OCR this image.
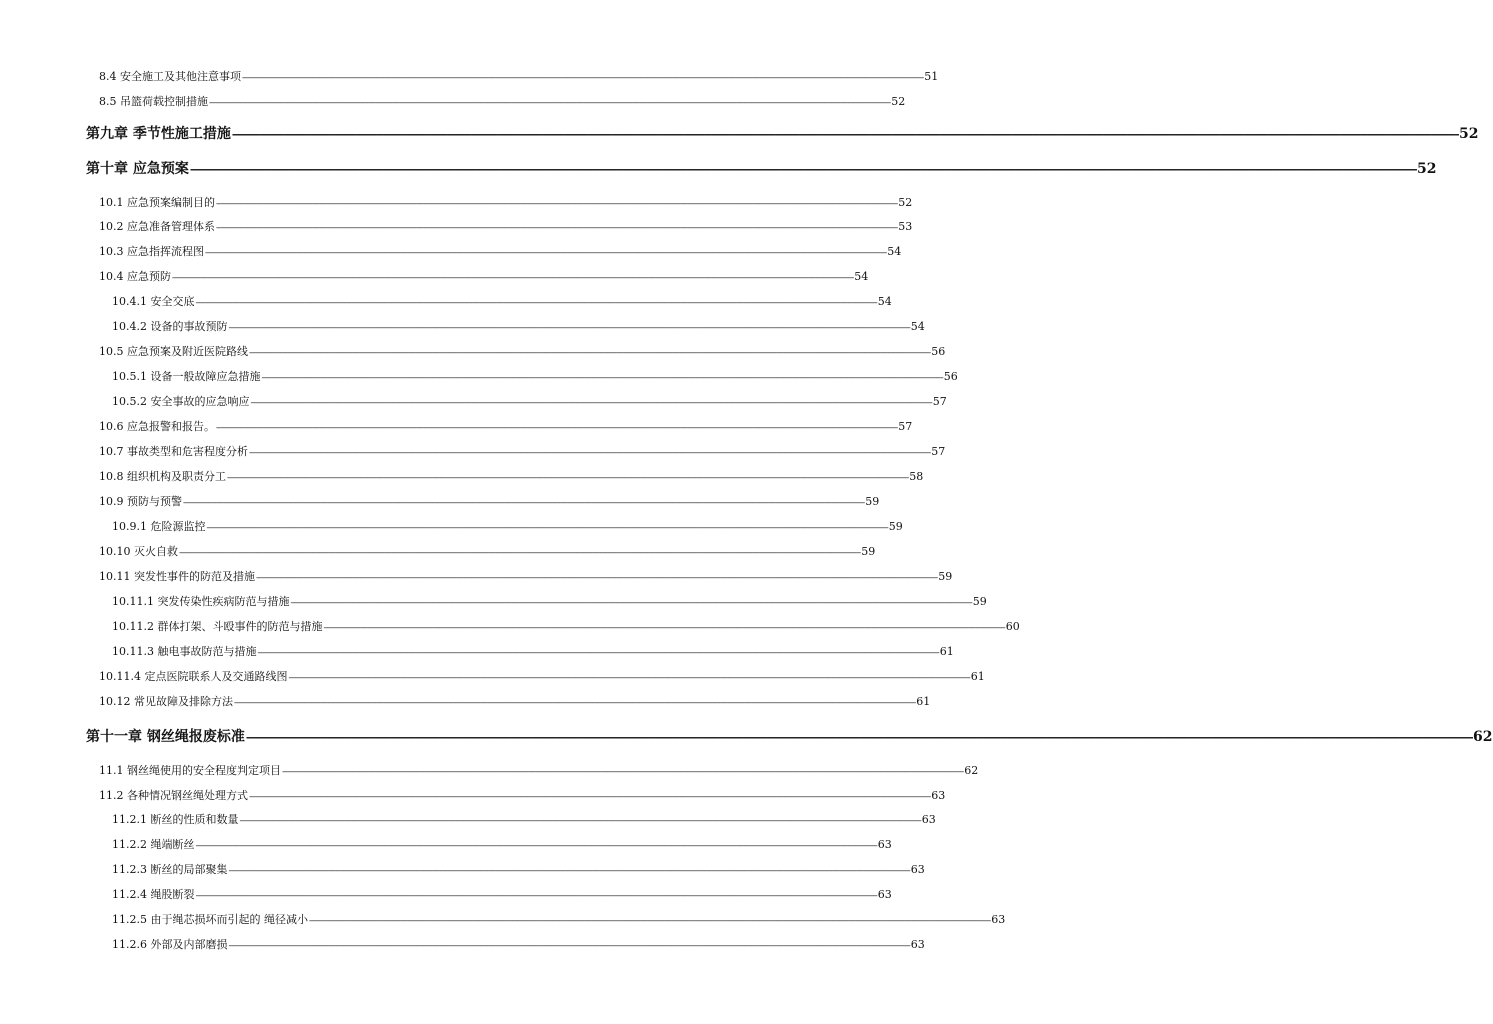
8.4 安全施工及其他注意事项 ---------------------------------------------------------------------------------------------------------------------------------------------------------------------------------------------------------------------------------------------------------------------------------------------------------------------------------------------------------------------------------------------------------------- 51
8.5 吊篮荷载控制措施 ---------------------------------------------------------------------------------------------------------------------------------------------------------------------------------------------------------------------------------------------------------------------------------------------------------------------------------------------------------------------------------------------------------------- 52
第九章 季节性施工措施 ---------------------------------------------------------------------------------------------------------------------------------------------------------------------------------------------------------------------------------------------------------------------------------------------------------------------------------------------------------------------------------------------------------------- 52
第十章 应急预案 ---------------------------------------------------------------------------------------------------------------------------------------------------------------------------------------------------------------------------------------------------------------------------------------------------------------------------------------------------------------------------------------------------------------- 52
10.1 应急预案编制目的 ---------------------------------------------------------------------------------------------------------------------------------------------------------------------------------------------------------------------------------------------------------------------------------------------------------------------------------------------------------------------------------------------------------------- 52
10.2 应急准备管理体系 ---------------------------------------------------------------------------------------------------------------------------------------------------------------------------------------------------------------------------------------------------------------------------------------------------------------------------------------------------------------------------------------------------------------- 53
10.3 应急指挥流程图 ---------------------------------------------------------------------------------------------------------------------------------------------------------------------------------------------------------------------------------------------------------------------------------------------------------------------------------------------------------------------------------------------------------------- 54
10.4 应急预防 ---------------------------------------------------------------------------------------------------------------------------------------------------------------------------------------------------------------------------------------------------------------------------------------------------------------------------------------------------------------------------------------------------------------- 54
10.4.1 安全交底 ---------------------------------------------------------------------------------------------------------------------------------------------------------------------------------------------------------------------------------------------------------------------------------------------------------------------------------------------------------------------------------------------------------------- 54
10.4.2 设备的事故预防 ---------------------------------------------------------------------------------------------------------------------------------------------------------------------------------------------------------------------------------------------------------------------------------------------------------------------------------------------------------------------------------------------------------------- 54
10.5 应急预案及附近医院路线 ---------------------------------------------------------------------------------------------------------------------------------------------------------------------------------------------------------------------------------------------------------------------------------------------------------------------------------------------------------------------------------------------------------------- 56
10.5.1 设备一般故障应急措施 ---------------------------------------------------------------------------------------------------------------------------------------------------------------------------------------------------------------------------------------------------------------------------------------------------------------------------------------------------------------------------------------------------------------- 56
10.5.2 安全事故的应急响应 ---------------------------------------------------------------------------------------------------------------------------------------------------------------------------------------------------------------------------------------------------------------------------------------------------------------------------------------------------------------------------------------------------------------- 57
10.6 应急报警和报告。 ---------------------------------------------------------------------------------------------------------------------------------------------------------------------------------------------------------------------------------------------------------------------------------------------------------------------------------------------------------------------------------------------------------------- 57
10.7 事故类型和危害程度分析 ---------------------------------------------------------------------------------------------------------------------------------------------------------------------------------------------------------------------------------------------------------------------------------------------------------------------------------------------------------------------------------------------------------------- 57
10.8 组织机构及职责分工 ---------------------------------------------------------------------------------------------------------------------------------------------------------------------------------------------------------------------------------------------------------------------------------------------------------------------------------------------------------------------------------------------------------------- 58
10.9 预防与预警 ---------------------------------------------------------------------------------------------------------------------------------------------------------------------------------------------------------------------------------------------------------------------------------------------------------------------------------------------------------------------------------------------------------------- 59
10.9.1 危险源监控 ---------------------------------------------------------------------------------------------------------------------------------------------------------------------------------------------------------------------------------------------------------------------------------------------------------------------------------------------------------------------------------------------------------------- 59
10.10 灭火自救 ---------------------------------------------------------------------------------------------------------------------------------------------------------------------------------------------------------------------------------------------------------------------------------------------------------------------------------------------------------------------------------------------------------------- 59
10.11 突发性事件的防范及措施 ---------------------------------------------------------------------------------------------------------------------------------------------------------------------------------------------------------------------------------------------------------------------------------------------------------------------------------------------------------------------------------------------------------------- 59
10.11.1 突发传染性疾病防范与措施 ---------------------------------------------------------------------------------------------------------------------------------------------------------------------------------------------------------------------------------------------------------------------------------------------------------------------------------------------------------------------------------------------------------------- 59
10.11.2 群体打架、斗殴事件的防范与措施 ---------------------------------------------------------------------------------------------------------------------------------------------------------------------------------------------------------------------------------------------------------------------------------------------------------------------------------------------------------------------------------------------------------------- 60
10.11.3 触电事故防范与措施 ---------------------------------------------------------------------------------------------------------------------------------------------------------------------------------------------------------------------------------------------------------------------------------------------------------------------------------------------------------------------------------------------------------------- 61
10.11.4 定点医院联系人及交通路线图 ---------------------------------------------------------------------------------------------------------------------------------------------------------------------------------------------------------------------------------------------------------------------------------------------------------------------------------------------------------------------------------------------------------------- 61
10.12 常见故障及排除方法 ---------------------------------------------------------------------------------------------------------------------------------------------------------------------------------------------------------------------------------------------------------------------------------------------------------------------------------------------------------------------------------------------------------------- 61
第十一章 钢丝绳报废标准 ---------------------------------------------------------------------------------------------------------------------------------------------------------------------------------------------------------------------------------------------------------------------------------------------------------------------------------------------------------------------------------------------------------------- 62
11.1 钢丝绳使用的安全程度判定项目 ---------------------------------------------------------------------------------------------------------------------------------------------------------------------------------------------------------------------------------------------------------------------------------------------------------------------------------------------------------------------------------------------------------------- 62
11.2 各种情况钢丝绳处理方式 ---------------------------------------------------------------------------------------------------------------------------------------------------------------------------------------------------------------------------------------------------------------------------------------------------------------------------------------------------------------------------------------------------------------- 63
11.2.1 断丝的性质和数量 ---------------------------------------------------------------------------------------------------------------------------------------------------------------------------------------------------------------------------------------------------------------------------------------------------------------------------------------------------------------------------------------------------------------- 63
11.2.2 绳端断丝 ---------------------------------------------------------------------------------------------------------------------------------------------------------------------------------------------------------------------------------------------------------------------------------------------------------------------------------------------------------------------------------------------------------------- 63
11.2.3 断丝的局部聚集 ---------------------------------------------------------------------------------------------------------------------------------------------------------------------------------------------------------------------------------------------------------------------------------------------------------------------------------------------------------------------------------------------------------------- 63
11.2.4 绳股断裂 ---------------------------------------------------------------------------------------------------------------------------------------------------------------------------------------------------------------------------------------------------------------------------------------------------------------------------------------------------------------------------------------------------------------- 63
11.2.5 由于绳芯损坏而引起的 绳径减小 ---------------------------------------------------------------------------------------------------------------------------------------------------------------------------------------------------------------------------------------------------------------------------------------------------------------------------------------------------------------------------------------------------------------- 63
11.2.6 外部及内部磨损 ---------------------------------------------------------------------------------------------------------------------------------------------------------------------------------------------------------------------------------------------------------------------------------------------------------------------------------------------------------------------------------------------------------------- 63
